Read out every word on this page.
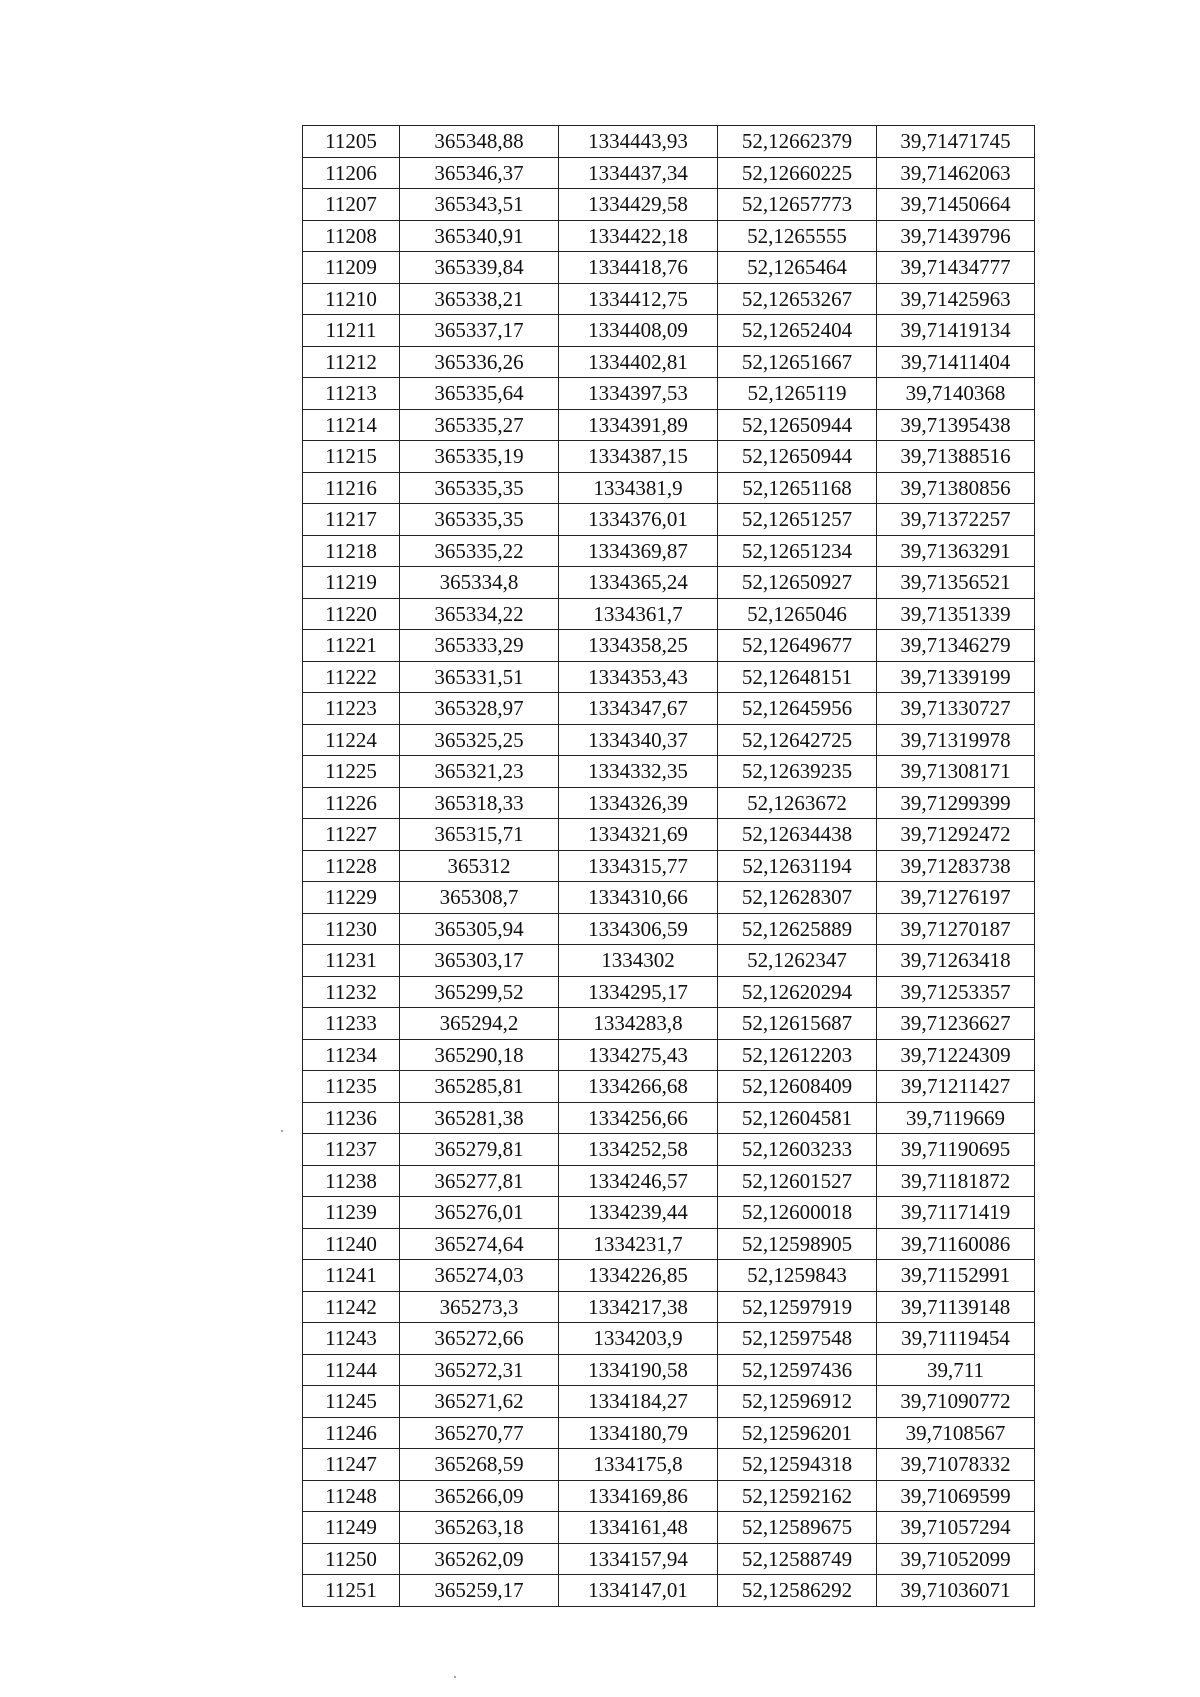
11205	365348,88	1334443,93	52,12662379	39,71471745
11206	365346,37	1334437,34	52,12660225	39,71462063
11207	365343,51	1334429,58	52,12657773	39,71450664
11208	365340,91	1334422,18	52,1265555	39,71439796
11209	365339,84	1334418,76	52,1265464	39,71434777
11210	365338,21	1334412,75	52,12653267	39,71425963
11211	365337,17	1334408,09	52,12652404	39,71419134
11212	365336,26	1334402,81	52,12651667	39,71411404
11213	365335,64	1334397,53	52,1265119	39,7140368
11214	365335,27	1334391,89	52,12650944	39,71395438
11215	365335,19	1334387,15	52,12650944	39,71388516
11216	365335,35	1334381,9	52,12651168	39,71380856
11217	365335,35	1334376,01	52,12651257	39,71372257
11218	365335,22	1334369,87	52,12651234	39,71363291
11219	365334,8	1334365,24	52,12650927	39,71356521
11220	365334,22	1334361,7	52,1265046	39,71351339
11221	365333,29	1334358,25	52,12649677	39,71346279
11222	365331,51	1334353,43	52,12648151	39,71339199
11223	365328,97	1334347,67	52,12645956	39,71330727
11224	365325,25	1334340,37	52,12642725	39,71319978
11225	365321,23	1334332,35	52,12639235	39,71308171
11226	365318,33	1334326,39	52,1263672	39,71299399
11227	365315,71	1334321,69	52,12634438	39,71292472
11228	365312	1334315,77	52,12631194	39,71283738
11229	365308,7	1334310,66	52,12628307	39,71276197
11230	365305,94	1334306,59	52,12625889	39,71270187
11231	365303,17	1334302	52,1262347	39,71263418
11232	365299,52	1334295,17	52,12620294	39,71253357
11233	365294,2	1334283,8	52,12615687	39,71236627
11234	365290,18	1334275,43	52,12612203	39,71224309
11235	365285,81	1334266,68	52,12608409	39,71211427
11236	365281,38	1334256,66	52,12604581	39,7119669
11237	365279,81	1334252,58	52,12603233	39,71190695
11238	365277,81	1334246,57	52,12601527	39,71181872
11239	365276,01	1334239,44	52,12600018	39,71171419
11240	365274,64	1334231,7	52,12598905	39,71160086
11241	365274,03	1334226,85	52,1259843	39,71152991
11242	365273,3	1334217,38	52,12597919	39,71139148
11243	365272,66	1334203,9	52,12597548	39,71119454
11244	365272,31	1334190,58	52,12597436	39,711
11245	365271,62	1334184,27	52,12596912	39,71090772
11246	365270,77	1334180,79	52,12596201	39,7108567
11247	365268,59	1334175,8	52,12594318	39,71078332
11248	365266,09	1334169,86	52,12592162	39,71069599
11249	365263,18	1334161,48	52,12589675	39,71057294
11250	365262,09	1334157,94	52,12588749	39,71052099
11251	365259,17	1334147,01	52,12586292	39,71036071
